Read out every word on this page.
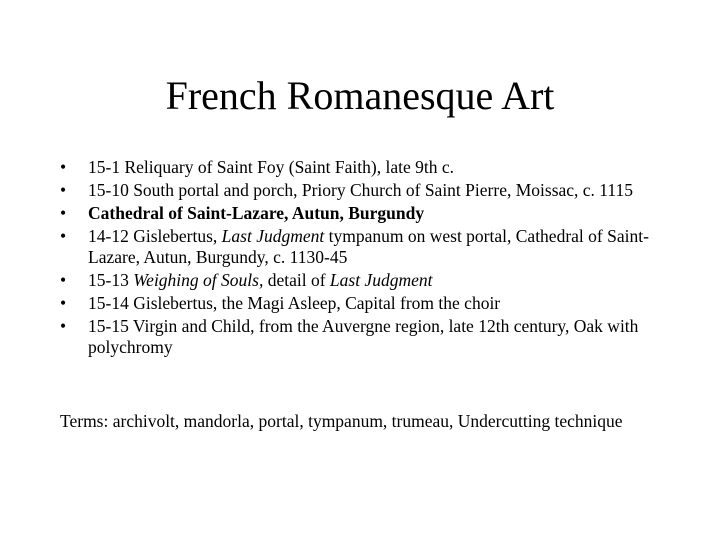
French Romanesque Art
• 15-1 Reliquary of Saint Foy (Saint Faith), late 9th c.
• 15-10 South portal and porch, Priory Church of Saint Pierre, Moissac, c. 1115
• Cathedral of Saint-Lazare, Autun, Burgundy
• 14-12 Gislebertus, Last Judgment tympanum on west portal, Cathedral of Saint-Lazare, Autun, Burgundy, c. 1130-45
• 15-13 Weighing of Souls, detail of Last Judgment
• 15-14 Gislebertus, the Magi Asleep, Capital from the choir
• 15-15 Virgin and Child, from the Auvergne region, late 12th century, Oak with polychromy

Terms: archivolt, mandorla, portal, tympanum, trumeau, Undercutting technique
